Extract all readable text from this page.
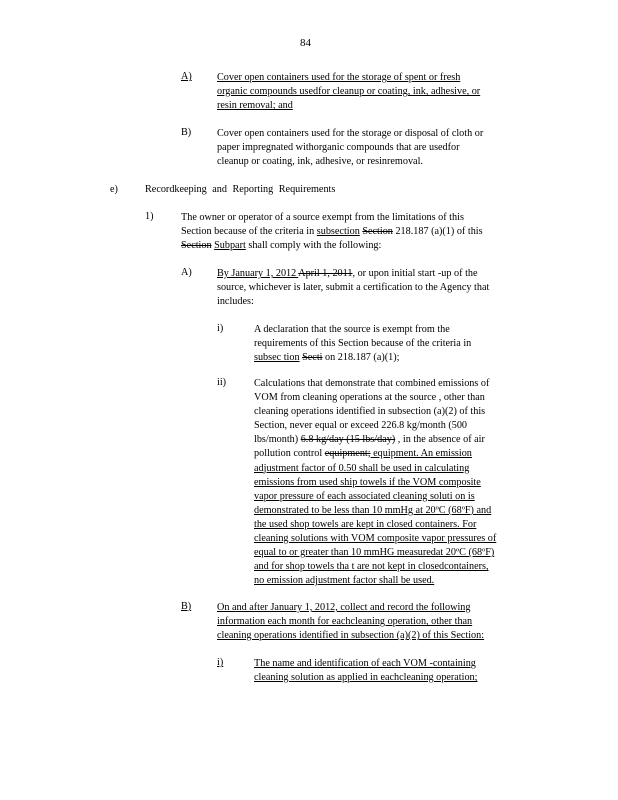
84
A) Cover open containers used for the storage of spent or fresh
organic compounds usedfor cleanup or coating, ink, adhesive, or
resin removal; and
B)	Cover open containers used for the storage or disposal of cloth or
paper impregnated withorganic compounds that are usedfor
cleanup or coating, ink, adhesive, or resinremoval.
e)	Recordkeeping and Reporting Requirements
1)	The owner or operator of a source exempt from the limitations of this
Section because of the criteria in subsection Section 218.187 (a)(1) of this
Section Subpart shall comply with the following:
A) By January 1, 2012 April 1, 2011, or upon initial start -up of the
source, whichever is later, submit a certification to the Agency that
includes:
i)	A declaration that the source is exempt from the
requirements of this Section because of the criteria in
subsec tion Secti on 218.187 (a)(1);
ii)	Calculations that demonstrate that combined emissions of
VOM from cleaning operations at the source , other than
cleaning operations identified in subsection (a)(2) of this
Section, never equal or exceed 226.8 kg/month (500
lbs/month) 6.8 kg/day (15 lbs/day) , in the absence of air
pollution control equipment; equipment. An emission
adjustment factor of 0.50 shall be used in calculating
emissions from used ship towels if the VOM composite
vapor pressure of each associated cleaning soluti on is
demonstrated to be less than 10 mmHg at 20ºC (68ºF) and
the used shop towels are kept in closed containers. For
cleaning solutions with VOM composite vapor pressures of
equal to or greater than 10 mmHG measuredat 20ºC (68ºF)
and for shop towels tha t are not kept in closedcontainers,
no emission adjustment factor shall be used.
B)	On and after January 1, 2012, collect and record the following
information each month for eachcleaning operation, other than
cleaning operations identified in subsection (a)(2) of this Section:
i)	The name and identification of each VOM -containing
cleaning solution as applied in eachcleaning operation;
